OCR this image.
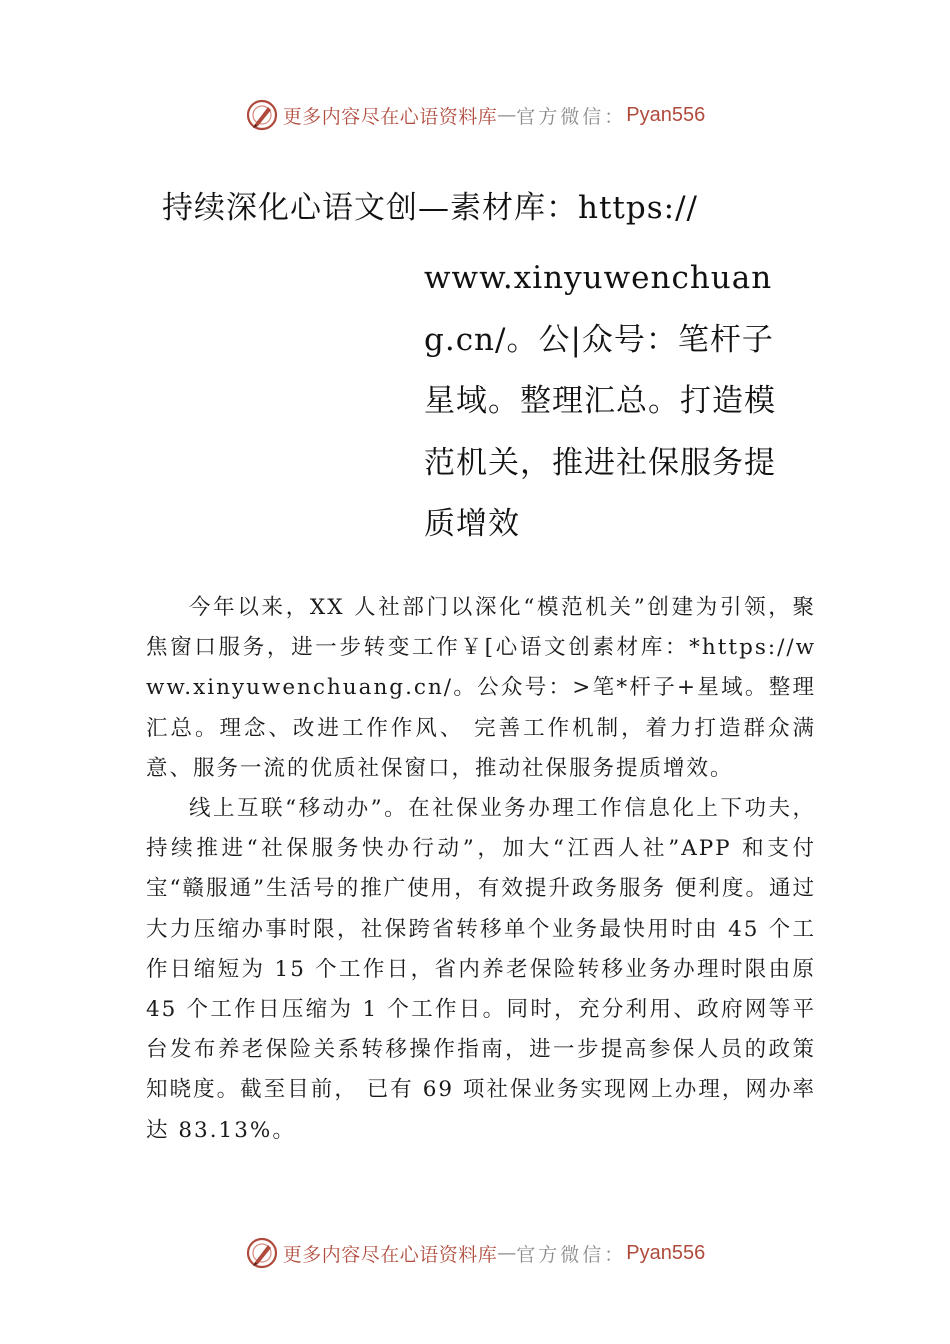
更多内容尽在心语资料库 — 官方微信： Pyan556
持续深化心语文创—素材库：https://
www.xinyuwenchuang.cn/。公|众号：笔杆子星域。整理汇总。打造模范机关，推进社保服务提质增效

今年以来，XX 人社部门以深化“模范机关”创建为引领，聚焦窗口服务，进一步转变工作￥[心语文创素材库：*https://www.xinyuwenchuang.cn/。公众号：>笔*杆子+星域。整理汇总。理念、改进工作作风、 完善工作机制，着力打造群众满意、服务一流的优质社保窗口，推动社保服务提质增效。

线上互联“移动办”。在社保业务办理工作信息化上下功夫，持续推进“社保服务快办行动”，加大“江西人社”APP 和支付宝“赣服通”生活号的推广使用，有效提升政务服务 便利度。通过大力压缩办事时限，社保跨省转移单个业务最快用时由 45 个工作日缩短为 15 个工作日，省内养老保险转移业务办理时限由原 45 个工作日压缩为 1 个工作日。同时，充分利用、政府网等平台发布养老保险关系转移操作指南，进一步提高参保人员的政策知晓度。截至目前， 已有 69 项社保业务实现网上办理，网办率达 83.13%。

更多内容尽在心语资料库 — 官方微信： Pyan556
